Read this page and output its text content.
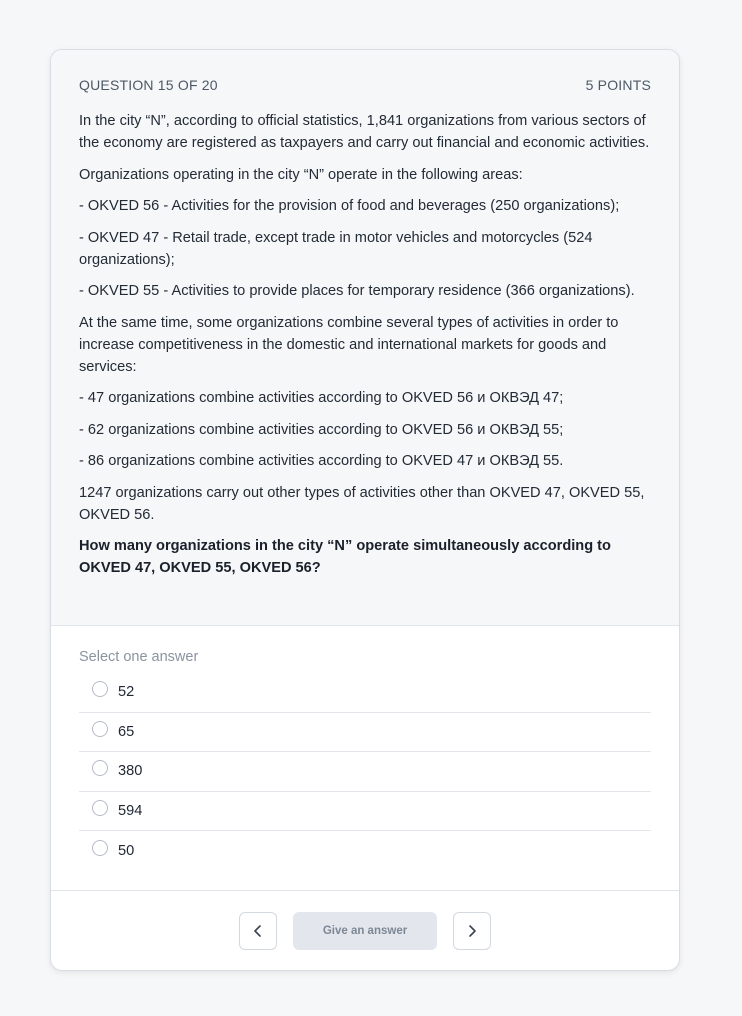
QUESTION 15 OF 20	5 POINTS

In the city “N”, according to official statistics, 1,841 organizations from various sectors of the economy are registered as taxpayers and carry out financial and economic activities.

Organizations operating in the city “N” operate in the following areas:

- OKVED 56 - Activities for the provision of food and beverages (250 organizations);

- OKVED 47 - Retail trade, except trade in motor vehicles and motorcycles (524 organizations);

- OKVED 55 - Activities to provide places for temporary residence (366 organizations).

At the same time, some organizations combine several types of activities in order to increase competitiveness in the domestic and international markets for goods and services:

- 47 organizations combine activities according to OKVED 56 и ОКВЭД 47;

- 62 organizations combine activities according to OKVED 56 и ОКВЭД 55;

- 86 organizations combine activities according to OKVED 47 и ОКВЭД 55.

1247 organizations carry out other types of activities other than OKVED 47, OKVED 55, OKVED 56.

How many organizations in the city “N” operate simultaneously according to OKVED 47, OKVED 55, OKVED 56?

Select one answer
52
65
380
594
50
Give an answer
